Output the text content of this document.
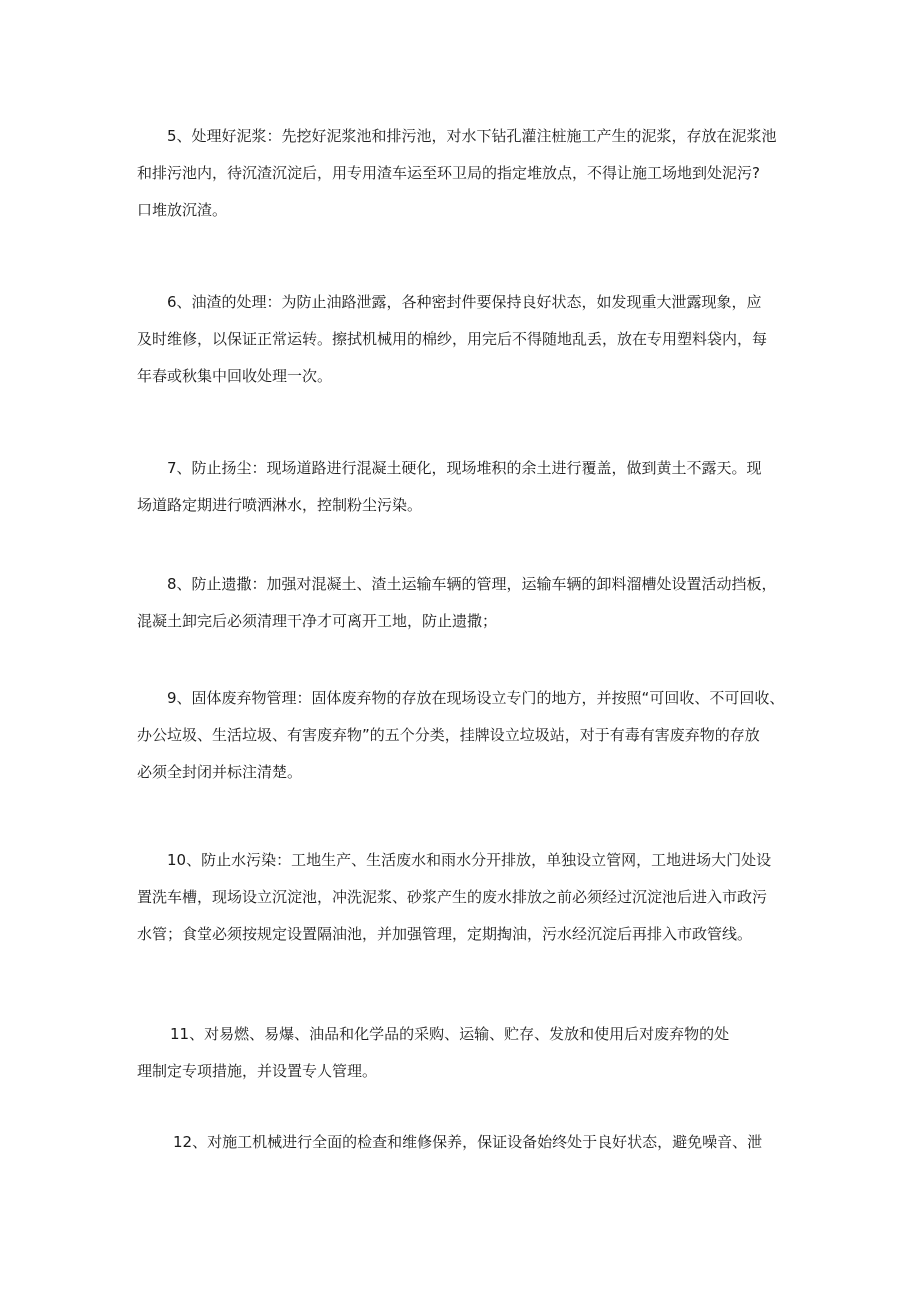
5、处理好泥浆：先挖好泥浆池和排污池，对水下钻孔灌注桩施工产生的泥浆，存放在泥浆池
和排污池内，待沉渣沉淀后，用专用渣车运至环卫局的指定堆放点，不得让施工场地到处泥污?
口堆放沉渣。
6、油渣的处理：为防止油路泄露，各种密封件要保持良好状态，如发现重大泄露现象，应
及时维修，以保证正常运转。擦拭机械用的棉纱，用完后不得随地乱丢，放在专用塑料袋内，每
年春或秋集中回收处理一次。
7、防止扬尘：现场道路进行混凝土硬化，现场堆积的余土进行覆盖，做到黄土不露天。现
场道路定期进行喷洒淋水，控制粉尘污染。
8、防止遗撒：加强对混凝土、渣土运输车辆的管理，运输车辆的卸料溜槽处设置活动挡板，
混凝土卸完后必须清理干净才可离开工地，防止遗撒；
9、固体废弃物管理：固体废弃物的存放在现场设立专门的地方，并按照“可回收、不可回收、
办公垃圾、生活垃圾、有害废弃物”的五个分类，挂牌设立垃圾站，对于有毒有害废弃物的存放
必须全封闭并标注清楚。
10、防止水污染：工地生产、生活废水和雨水分开排放，单独设立管网，工地进场大门处设
置洗车槽，现场设立沉淀池，冲洗泥浆、砂浆产生的废水排放之前必须经过沉淀池后进入市政污
水管；食堂必须按规定设置隔油池，并加强管理，定期掏油，污水经沉淀后再排入市政管线。
11、对易燃、易爆、油品和化学品的采购、运输、贮存、发放和使用后对废弃物的处
理制定专项措施，并设置专人管理。
12、对施工机械进行全面的检查和维修保养，保证设备始终处于良好状态，避免噪音、泄
